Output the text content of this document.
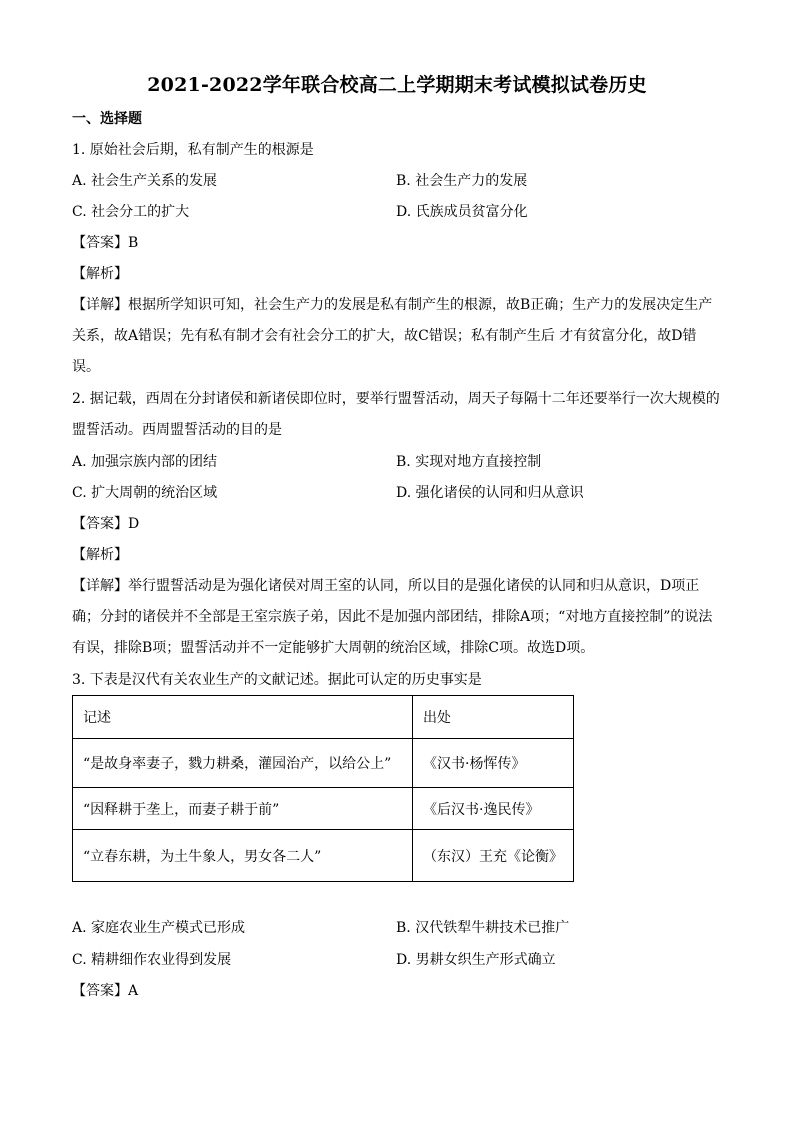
2021-2022学年联合校高二上学期期末考试模拟试卷历史
一、选择题
1. 原始社会后期，私有制产生的根源是
A. 社会生产关系的发展	B. 社会生产力的发展
C. 社会分工的扩大	D. 氏族成员贫富分化
【答案】B
【解析】
【详解】根据所学知识可知，社会生产力的发展是私有制产生的根源，故B正确；生产力的发展决定生产
关系，故A错误；先有私有制才会有社会分工的扩大，故C错误；私有制产生后 才有贫富分化，故D错
误。
2. 据记载，西周在分封诸侯和新诸侯即位时，要举行盟誓活动，周天子每隔十二年还要举行一次大规模的
盟誓活动。西周盟誓活动的目的是
A. 加强宗族内部的团结	B. 实现对地方直接控制
C. 扩大周朝的统治区域	D. 强化诸侯的认同和归从意识
【答案】D
【解析】
【详解】举行盟誓活动是为强化诸侯对周王室的认同，所以目的是强化诸侯的认同和归从意识，D项正
确；分封的诸侯并不全部是王室宗族子弟，因此不是加强内部团结，排除A项；“对地方直接控制”的说法
有误，排除B项；盟誓活动并不一定能够扩大周朝的统治区域，排除C项。故选D项。
3. 下表是汉代有关农业生产的文献记述。据此可认定的历史事实是
记述	出处
“是故身率妻子，戮力耕桑，灌园治产，以给公上”	《汉书·杨恽传》
“因释耕于垄上，而妻子耕于前”	《后汉书·逸民传》
“立春东耕，为土牛象人，男女各二人”	（东汉）王充《论衡》
A. 家庭农业生产模式已形成	B. 汉代铁犁牛耕技术已推广
C. 精耕细作农业得到发展	D. 男耕女织生产形式确立
【答案】A
